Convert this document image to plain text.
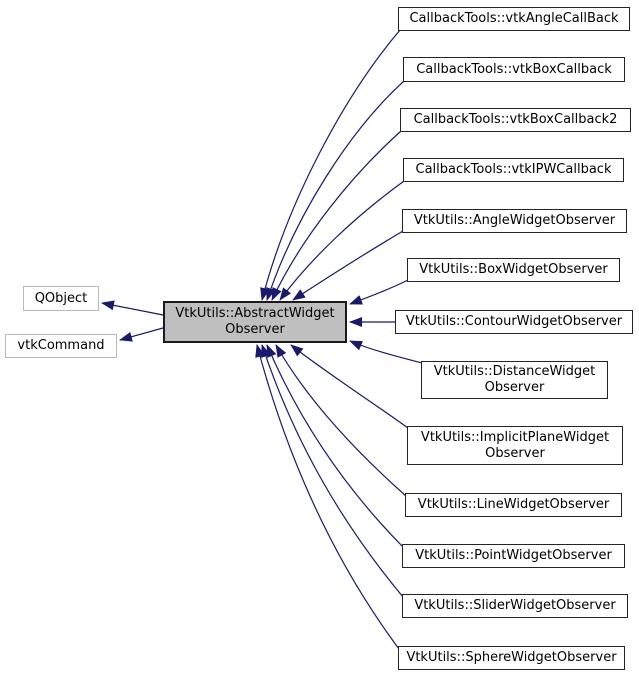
QObject
vtkCommand
VtkUtils::AbstractWidget
Observer
CallbackTools::vtkAngleCallBack
CallbackTools::vtkBoxCallback
CallbackTools::vtkBoxCallback2
CallbackTools::vtkIPWCallback
VtkUtils::AngleWidgetObserver
VtkUtils::BoxWidgetObserver
VtkUtils::ContourWidgetObserver
VtkUtils::DistanceWidget
Observer
VtkUtils::ImplicitPlaneWidget
Observer
VtkUtils::LineWidgetObserver
VtkUtils::PointWidgetObserver
VtkUtils::SliderWidgetObserver
VtkUtils::SphereWidgetObserver
